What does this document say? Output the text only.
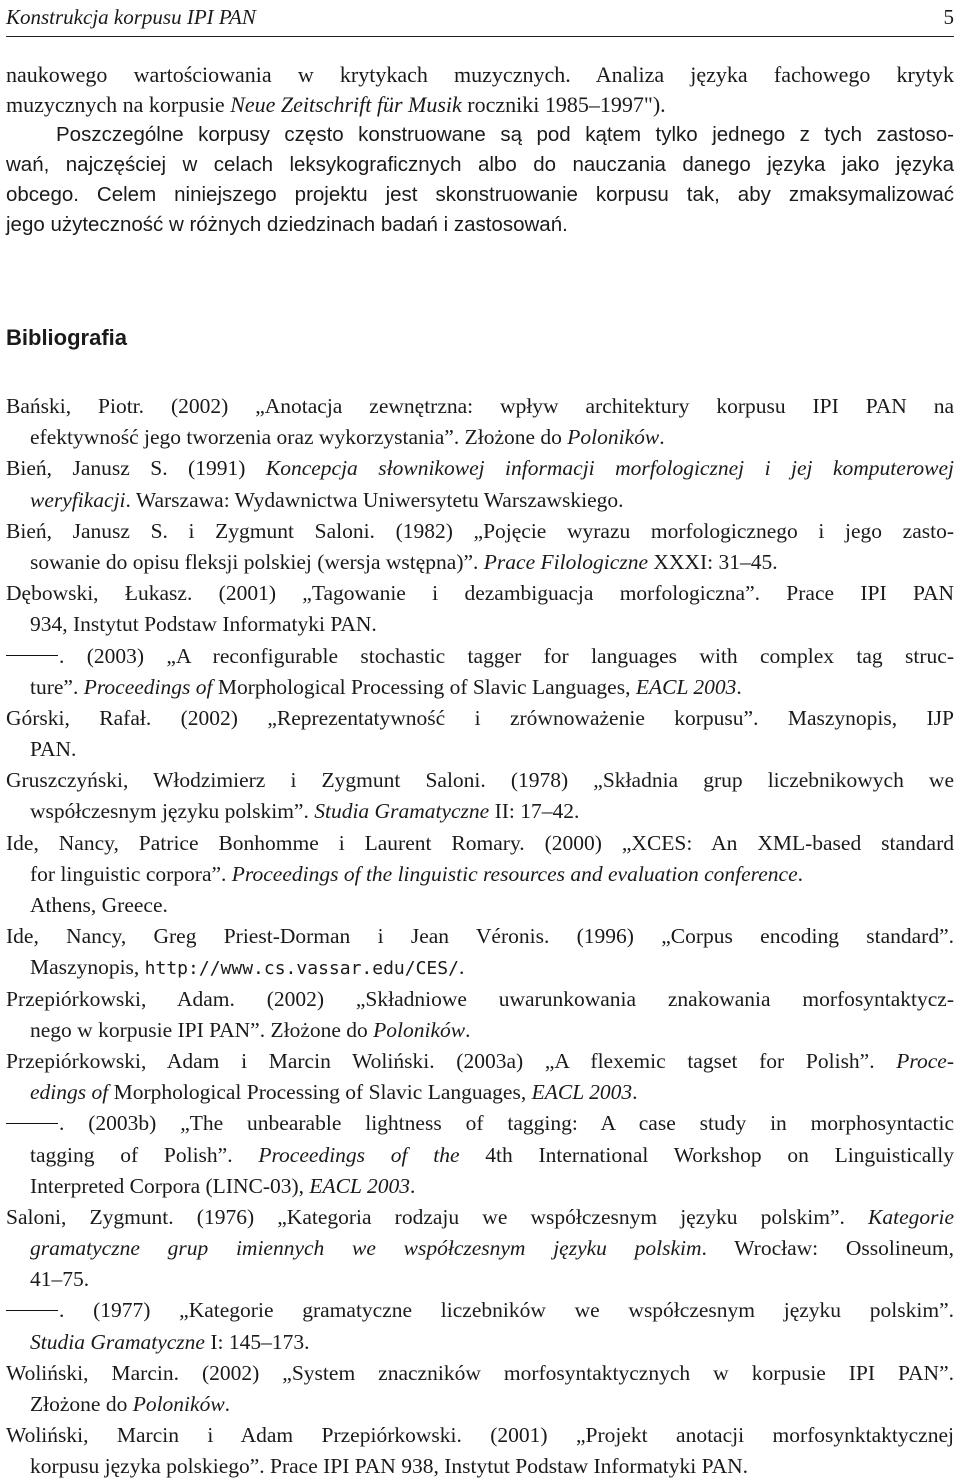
Konstrukcja korpusu IPI PAN	5
naukowego wartościowania w krytykach muzycznych. Analiza języka fachowego krytyk
muzycznych na korpusie Neue Zeitschrift für Musik roczniki 1985–1997").
Poszczególne korpusy często konstruowane są pod kątem tylko jednego z tych zastoso-
wań, najczęściej w celach leksykograficznych albo do nauczania danego języka jako języka
obcego. Celem niniejszego projektu jest skonstruowanie korpusu tak, aby zmaksymalizować
jego użyteczność w różnych dziedzinach badań i zastosowań.
Bibliografia
Bański, Piotr. (2002) „Anotacja zewnętrzna: wpływ architektury korpusu IPI PAN na
efektywność jego tworzenia oraz wykorzystania”. Złożone do Poloników.
Bień, Janusz S. (1991) Koncepcja słownikowej informacji morfologicznej i jej komputerowej
weryfikacji. Warszawa: Wydawnictwa Uniwersytetu Warszawskiego.
Bień, Janusz S. i Zygmunt Saloni. (1982) „Pojęcie wyrazu morfologicznego i jego zasto-
sowanie do opisu fleksji polskiej (wersja wstępna)”. Prace Filologiczne XXXI: 31–45.
Dębowski, Łukasz. (2001) „Tagowanie i dezambiguacja morfologiczna”. Prace IPI PAN
934, Instytut Podstaw Informatyki PAN.
. (2003) „A reconfigurable stochastic tagger for languages with complex tag struc-
ture”. Proceedings of Morphological Processing of Slavic Languages, EACL 2003.
Górski, Rafał. (2002) „Reprezentatywność i zrównoważenie korpusu”. Maszynopis, IJP
PAN.
Gruszczyński, Włodzimierz i Zygmunt Saloni. (1978) „Składnia grup liczebnikowych we
współczesnym języku polskim”. Studia Gramatyczne II: 17–42.
Ide, Nancy, Patrice Bonhomme i Laurent Romary. (2000) „XCES: An XML-based standard
for linguistic corpora”. Proceedings of the linguistic resources and evaluation conference.
Athens, Greece.
Ide, Nancy, Greg Priest-Dorman i Jean Véronis. (1996) „Corpus encoding standard”.
Maszynopis, http://www.cs.vassar.edu/CES/.
Przepiórkowski, Adam. (2002) „Składniowe uwarunkowania znakowania morfosyntaktycz-
nego w korpusie IPI PAN”. Złożone do Poloników.
Przepiórkowski, Adam i Marcin Woliński. (2003a) „A flexemic tagset for Polish”. Proce-
edings of Morphological Processing of Slavic Languages, EACL 2003.
. (2003b) „The unbearable lightness of tagging: A case study in morphosyntactic
tagging of Polish”. Proceedings of the 4th International Workshop on Linguistically
Interpreted Corpora (LINC-03), EACL 2003.
Saloni, Zygmunt. (1976) „Kategoria rodzaju we współczesnym języku polskim”. Kategorie
gramatyczne grup imiennych we współczesnym języku polskim. Wrocław: Ossolineum,
41–75.
. (1977) „Kategorie gramatyczne liczebników we współczesnym języku polskim”.
Studia Gramatyczne I: 145–173.
Woliński, Marcin. (2002) „System znaczników morfosyntaktycznych w korpusie IPI PAN”.
Złożone do Poloników.
Woliński, Marcin i Adam Przepiórkowski. (2001) „Projekt anotacji morfosynktaktycznej
korpusu języka polskiego”. Prace IPI PAN 938, Instytut Podstaw Informatyki PAN.
